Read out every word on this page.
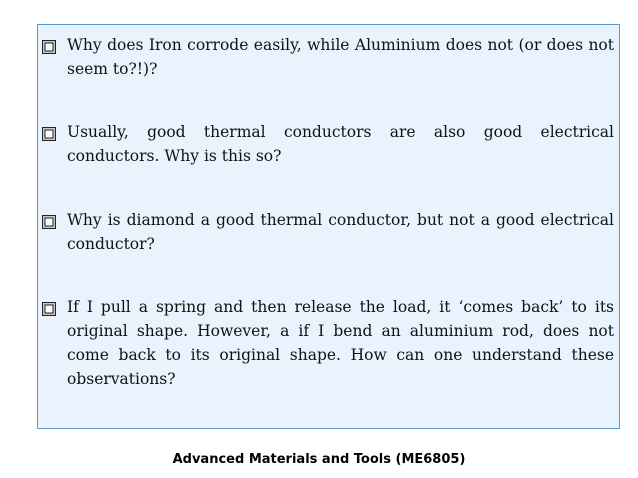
Why does Iron corrode easily, while Aluminium does not (or does not seem to?!)?
Usually, good thermal conductors are also good electrical conductors. Why is this so?
Why is diamond a good thermal conductor, but not a good electrical conductor?
If I pull a spring and then release the load, it ‘comes back’ to its original shape. However, a if I bend an aluminium rod, does not come back to its original shape. How can one understand these observations?
Advanced Materials and Tools (ME6805)
